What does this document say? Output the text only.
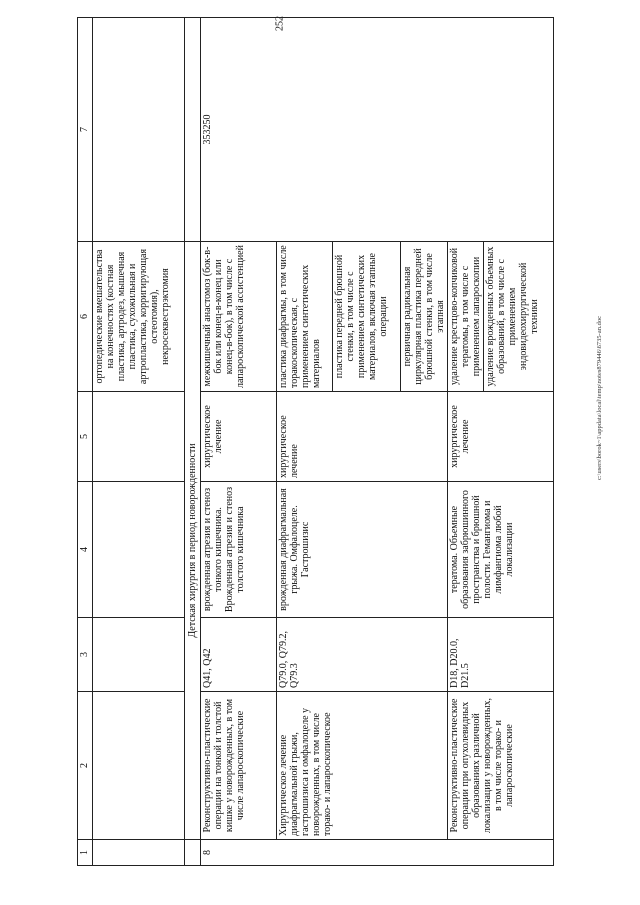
252
1	2	3	4	5	6	7
					ортопедические вмешательства на конечностях (костная пластика, артродез, мышечная пластика, сухожильная и артропластика, корригирующая остеотомия), некросеквестрэктомия	
	Детская хирургия в период новорожденности					
8	Реконструктивно-пластические операции на тонкой и толстой кишке у новорожденных, в том числе лапароскопические	Q41, Q42	врожденная атрезия и стеноз тонкого кишечника. Врожденная атрезия и стеноз толстого кишечника	хирургическое лечение	межкишечный анастомоз (бок-в-бок или конец-в-конец или конец-в-бок), в том числе с лапароскопической ассистенцией	353250
	Хирургическое лечение диафрагмальной грыжи, гастрошизиса и омфалоцеле у новорожденных, в том числе торако- и лапароскопическое	Q79.0, Q79.2, Q79.3	врожденная диафрагмальная грыжа. Омфалоцеле. Гастрошизис	хирургическое лечение	пластика диафрагмы, в том числе торакоскопическая, с применением синтетических материалов	
					пластика передней брюшной стенки, в том числе с применением синтетических материалов, включая этапные операции	
					первичная радикальная циркулярная пластика передней брюшной стенки, в том числе этапная	
	Реконструктивно-пластические операции при опухолевидных образованиях различной локализации у новорожденных, в том числе торако- и лапароскопические	D18, D20.0, D21.5	тератома. Объемные образования забрюшинного пространства и брюшной полости. Гемангиома и лимфангиома любой локализации	хирургическое лечение	удаление крестцово-копчиковой тератомы, в том числе с применением лапароскопии	
					удаление врожденных объемных образований, в том числе с применением эндовидеохирургической техники		c:\users\borok~1\appdata\local\temp\notes879446\6735-an.doc
